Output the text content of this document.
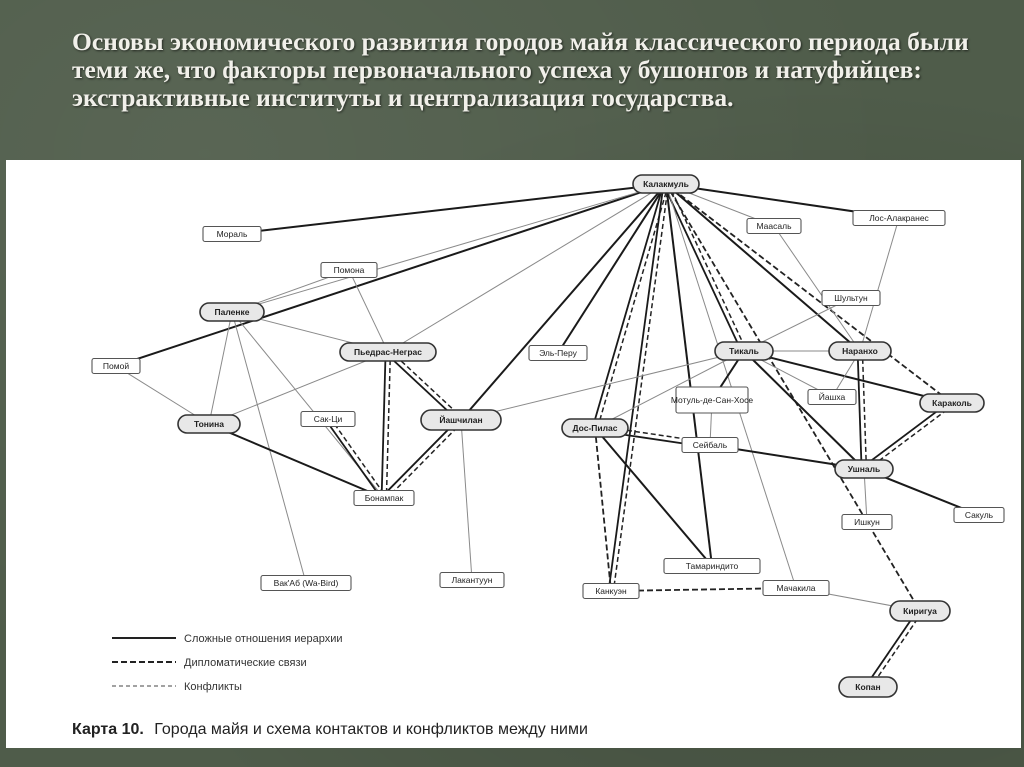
Основы экономического развития городов майя классического периода были теми же, что факторы первоначального успеха у бушонгов и натуфийцев: экстрактивные институты и централизация государства.
Калакмуль
Мораль
Лос-Алакранес
Маасаль
Помона
Шультун
Паленке
Пьедрас-Неграс	Эль-Перу	Тикаль	Наранхо
Помой
Мотуль-де-Сан-Хосе	Йашха
Караколь
Тонина	Сак-Ци	Йашчилан
Дос-Пилас
Сейбаль
Ушналь
Бонампак
Ишкун
Сакуль
Вак'Аб (Wa-Bird)	Лакантуун
Тамариндито
Канкуэн	Мачакила
Киригуа
Копан
Сложные отношения иерархии
Дипломатические связи
Конфликты
Карта 10. Города майя и схема контактов и конфликтов между ними
